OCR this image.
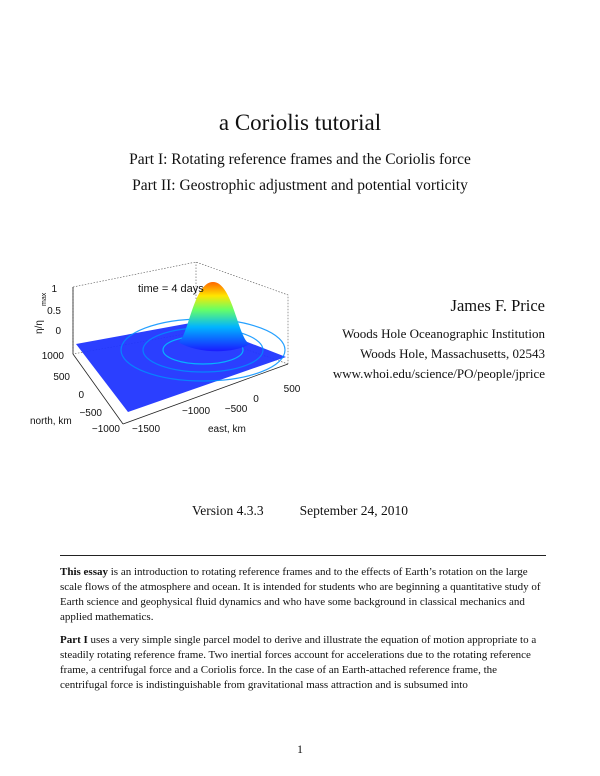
a Coriolis tutorial
Part I: Rotating reference frames and the Coriolis force
Part II: Geostrophic adjustment and potential vorticity
time = 4 days
1
0.5
0
η/η
max
1000
500
0
−500
−1000
north, km
−1500
−1000 −500
0
500
east, km
James F. Price
Woods Hole Oceanographic Institution
Woods Hole, Massachusetts, 02543
www.whoi.edu/science/PO/people/jprice
Version 4.3.3	September 24, 2010

This essay is an introduction to rotating reference frames and to the effects of Earth’s rotation on the large scale flows of the atmosphere and ocean. It is intended for students who are beginning a quantitative study of Earth science and geophysical fluid dynamics and who have some background in classical mechanics and applied mathematics.

Part I uses a very simple single parcel model to derive and illustrate the equation of motion appropriate to a steadily rotating reference frame. Two inertial forces account for accelerations due to the rotating reference frame, a centrifugal force and a Coriolis force. In the case of an Earth-attached reference frame, the centrifugal force is indistinguishable from gravitational mass attraction and is subsumed into

1
